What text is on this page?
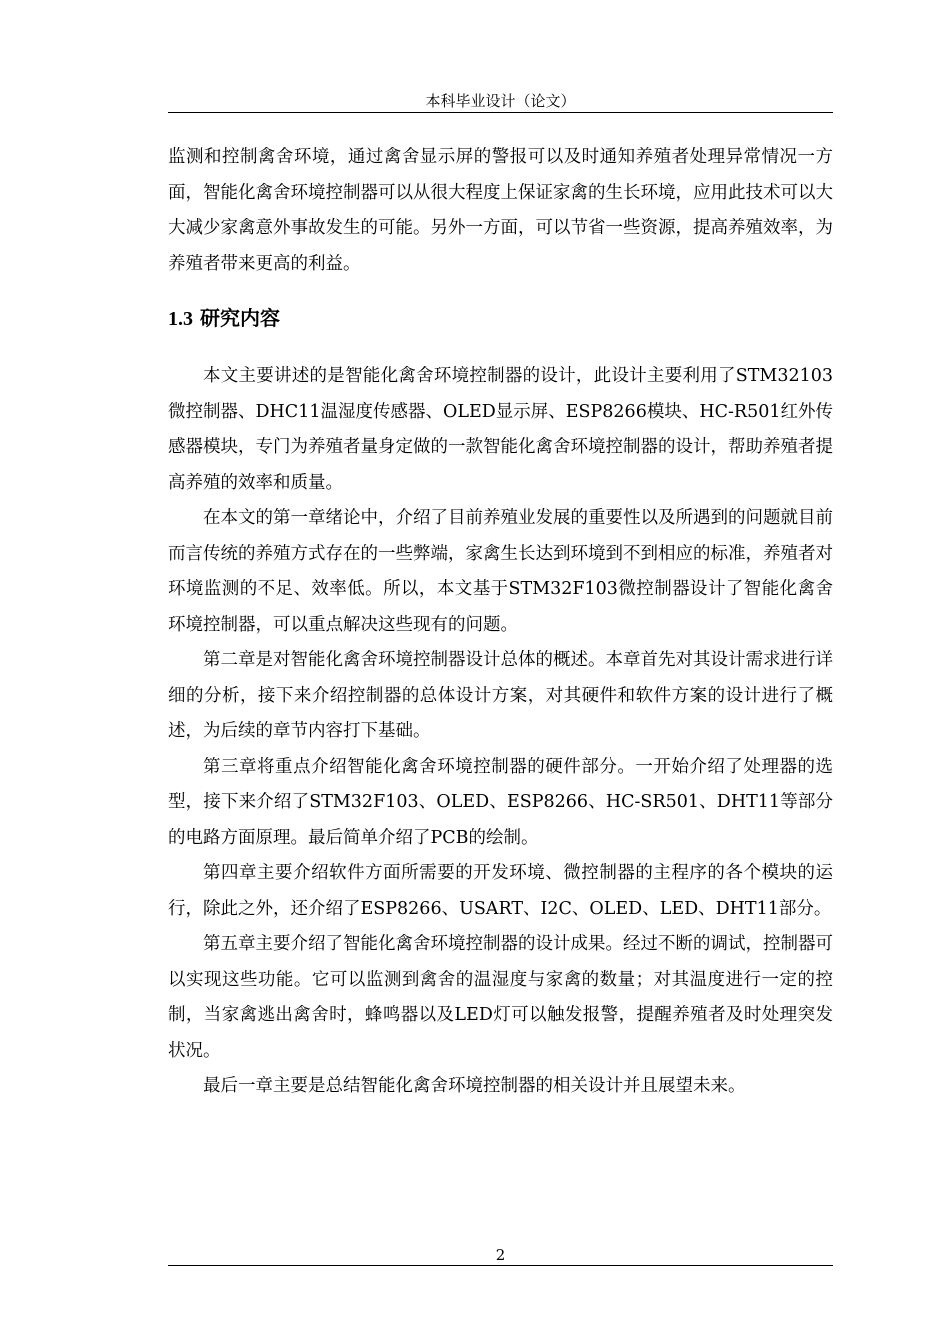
本科毕业设计（论文）

监测和控制禽舍环境，通过禽舍显示屏的警报可以及时通知养殖者处理异常情况一方面，智能化禽舍环境控制器可以从很大程度上保证家禽的生长环境，应用此技术可以大大减少家禽意外事故发生的可能。另外一方面，可以节省一些资源，提高养殖效率，为养殖者带来更高的利益。

1.3 研究内容

本文主要讲述的是智能化禽舍环境控制器的设计，此设计主要利用了STM32103微控制器、DHC11温湿度传感器、OLED显示屏、ESP8266模块、HC-R501红外传感器模块，专门为养殖者量身定做的一款智能化禽舍环境控制器的设计，帮助养殖者提高养殖的效率和质量。

在本文的第一章绪论中，介绍了目前养殖业发展的重要性以及所遇到的问题就目前而言传统的养殖方式存在的一些弊端，家禽生长达到环境到不到相应的标准，养殖者对环境监测的不足、效率低。所以，本文基于STM32F103微控制器设计了智能化禽舍环境控制器，可以重点解决这些现有的问题。

第二章是对智能化禽舍环境控制器设计总体的概述。本章首先对其设计需求进行详细的分析，接下来介绍控制器的总体设计方案，对其硬件和软件方案的设计进行了概述，为后续的章节内容打下基础。

第三章将重点介绍智能化禽舍环境控制器的硬件部分。一开始介绍了处理器的选型，接下来介绍了STM32F103、OLED、ESP8266、HC-SR501、DHT11等部分的电路方面原理。最后简单介绍了PCB的绘制。

第四章主要介绍软件方面所需要的开发环境、微控制器的主程序的各个模块的运行，除此之外，还介绍了ESP8266、USART、I2C、OLED、LED、DHT11部分。

第五章主要介绍了智能化禽舍环境控制器的设计成果。经过不断的调试，控制器可以实现这些功能。它可以监测到禽舍的温湿度与家禽的数量；对其温度进行一定的控制，当家禽逃出禽舍时，蜂鸣器以及LED灯可以触发报警，提醒养殖者及时处理突发状况。

最后一章主要是总结智能化禽舍环境控制器的相关设计并且展望未来。

2
